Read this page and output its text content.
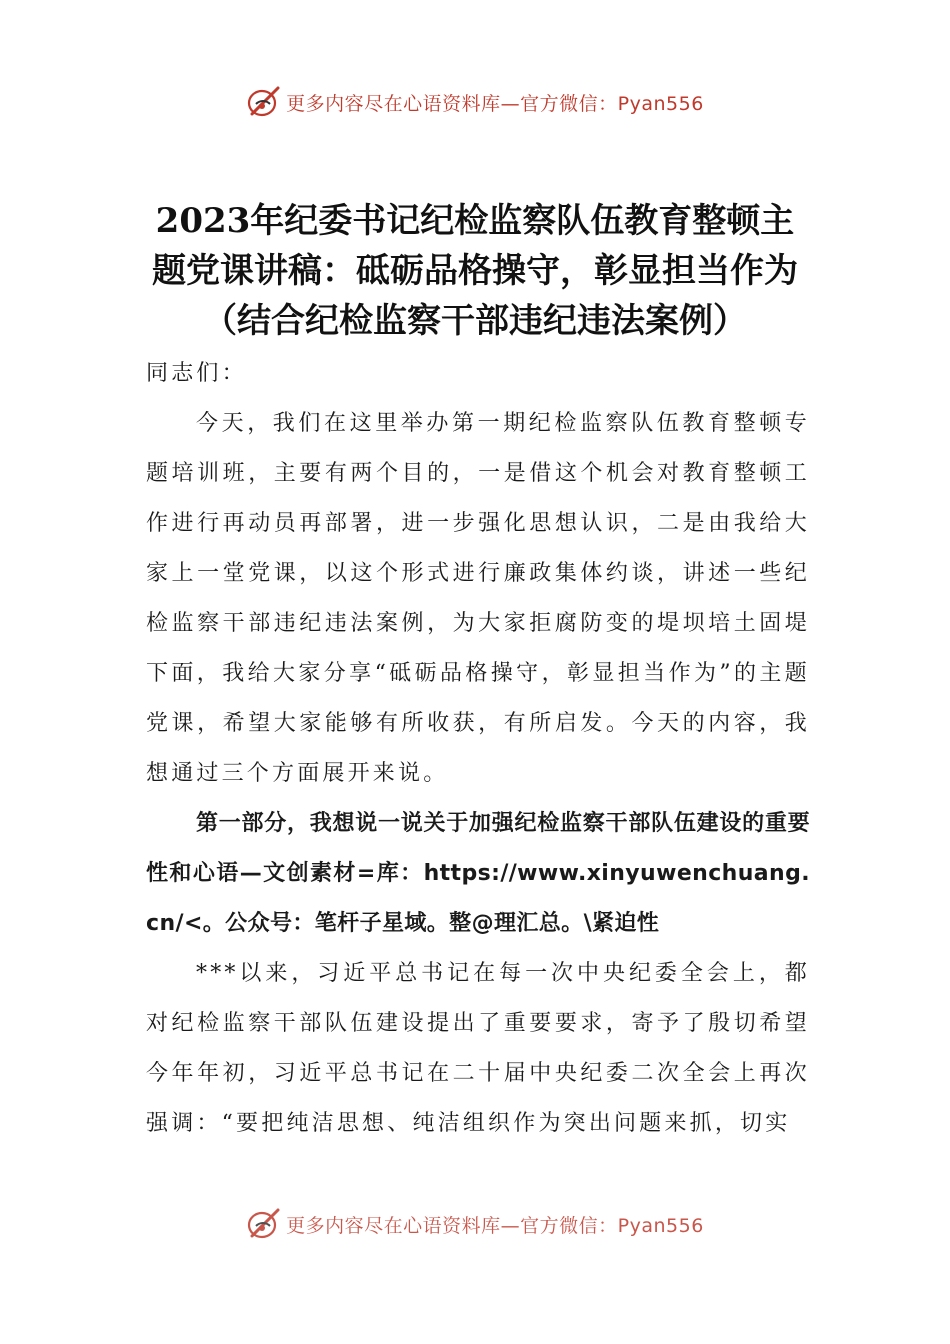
更多内容尽在心语资料库—官方微信：Pyan556
2023年纪委书记纪检监察队伍教育整顿主题党课讲稿：砥砺品格操守，彰显担当作为（结合纪检监察干部违纪违法案例）

同志们：

今天，我们在这里举办第一期纪检监察队伍教育整顿专题培训班，主要有两个目的，一是借这个机会对教育整顿工作进行再动员再部署，进一步强化思想认识，二是由我给大家上一堂党课，以这个形式进行廉政集体约谈，讲述一些纪检监察干部违纪违法案例，为大家拒腐防变的堤坝培土固堤下面，我给大家分享“砥砺品格操守，彰显担当作为”的主题党课，希望大家能够有所收获，有所启发。今天的内容，我想通过三个方面展开来说。

第一部分，我想说一说关于加强纪检监察干部队伍建设的重要性和心语—文创素材=库：https://www.xinyuwenchuang.cn/<。公众号：笔杆子星域。整@理汇总。\紧迫性

***以来，习近平总书记在每一次中央纪委全会上，都对纪检监察干部队伍建设提出了重要要求，寄予了殷切希望今年年初，习近平总书记在二十届中央纪委二次全会上再次强调：“要把纯洁思想、纯洁组织作为突出问题来抓，切实

更多内容尽在心语资料库—官方微信：Pyan556
